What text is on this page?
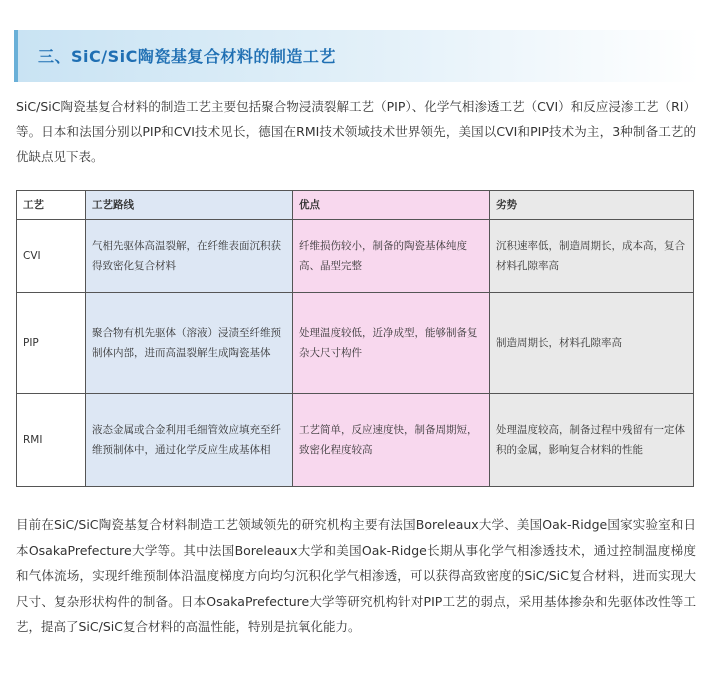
三、SiC/SiC陶瓷基复合材料的制造工艺
SiC/SiC陶瓷基复合材料的制造工艺主要包括聚合物浸渍裂解工艺（PIP）、化学气相渗透工艺（CVI）和反应浸渗工艺（RI）等。日本和法国分别以PIP和CVI技术见长，德国在RMI技术领域技术世界领先，美国以CVI和PIP技术为主，3种制备工艺的优缺点见下表。
工艺	工艺路线	优点	劣势
CVI	气相先驱体高温裂解，在纤维表面沉积获得致密化复合材料	纤维损伤较小，制备的陶瓷基体纯度高、晶型完整	沉积速率低，制造周期长，成本高，复合材料孔隙率高
PIP	聚合物有机先驱体（溶液）浸渍至纤维预制体内部，进而高温裂解生成陶瓷基体	处理温度较低，近净成型，能够制备复杂大尺寸构件	制造周期长，材料孔隙率高
RMI	液态金属或合金利用毛细管效应填充至纤维预制体中，通过化学反应生成基体相	工艺简单，反应速度快，制备周期短，致密化程度较高	处理温度较高，制备过程中残留有一定体积的金属，影响复合材料的性能
目前在SiC/SiC陶瓷基复合材料制造工艺领域领先的研究机构主要有法国Boreleaux大学、美国Oak-Ridge国家实验室和日本OsakaPrefecture大学等。其中法国Boreleaux大学和美国Oak-Ridge长期从事化学气相渗透技术，通过控制温度梯度和气体流场，实现纤维预制体沿温度梯度方向均匀沉积化学气相渗透，可以获得高致密度的SiC/SiC复合材料，进而实现大尺寸、复杂形状构件的制备。日本OsakaPrefecture大学等研究机构针对PIP工艺的弱点，采用基体掺杂和先驱体改性等工艺，提高了SiC/SiC复合材料的高温性能，特别是抗氧化能力。
